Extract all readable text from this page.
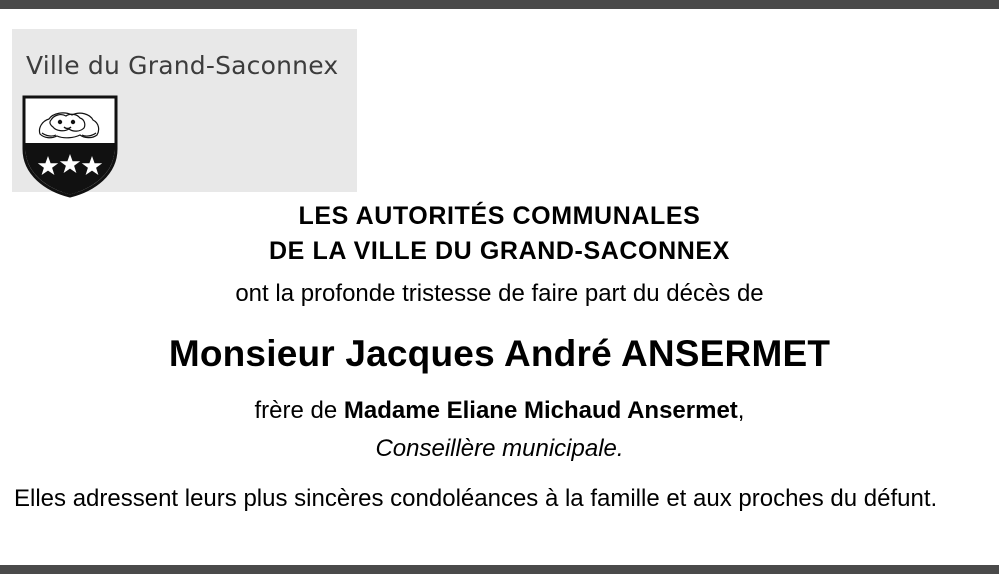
Ville du Grand-Saconnex
LES AUTORITÉS COMMUNALES
DE LA VILLE DU GRAND-SACONNEX
ont la profonde tristesse de faire part du décès de
Monsieur Jacques André ANSERMET
frère de Madame Eliane Michaud Ansermet,
Conseillère municipale.
Elles adressent leurs plus sincères condoléances à la famille et aux proches du défunt.
